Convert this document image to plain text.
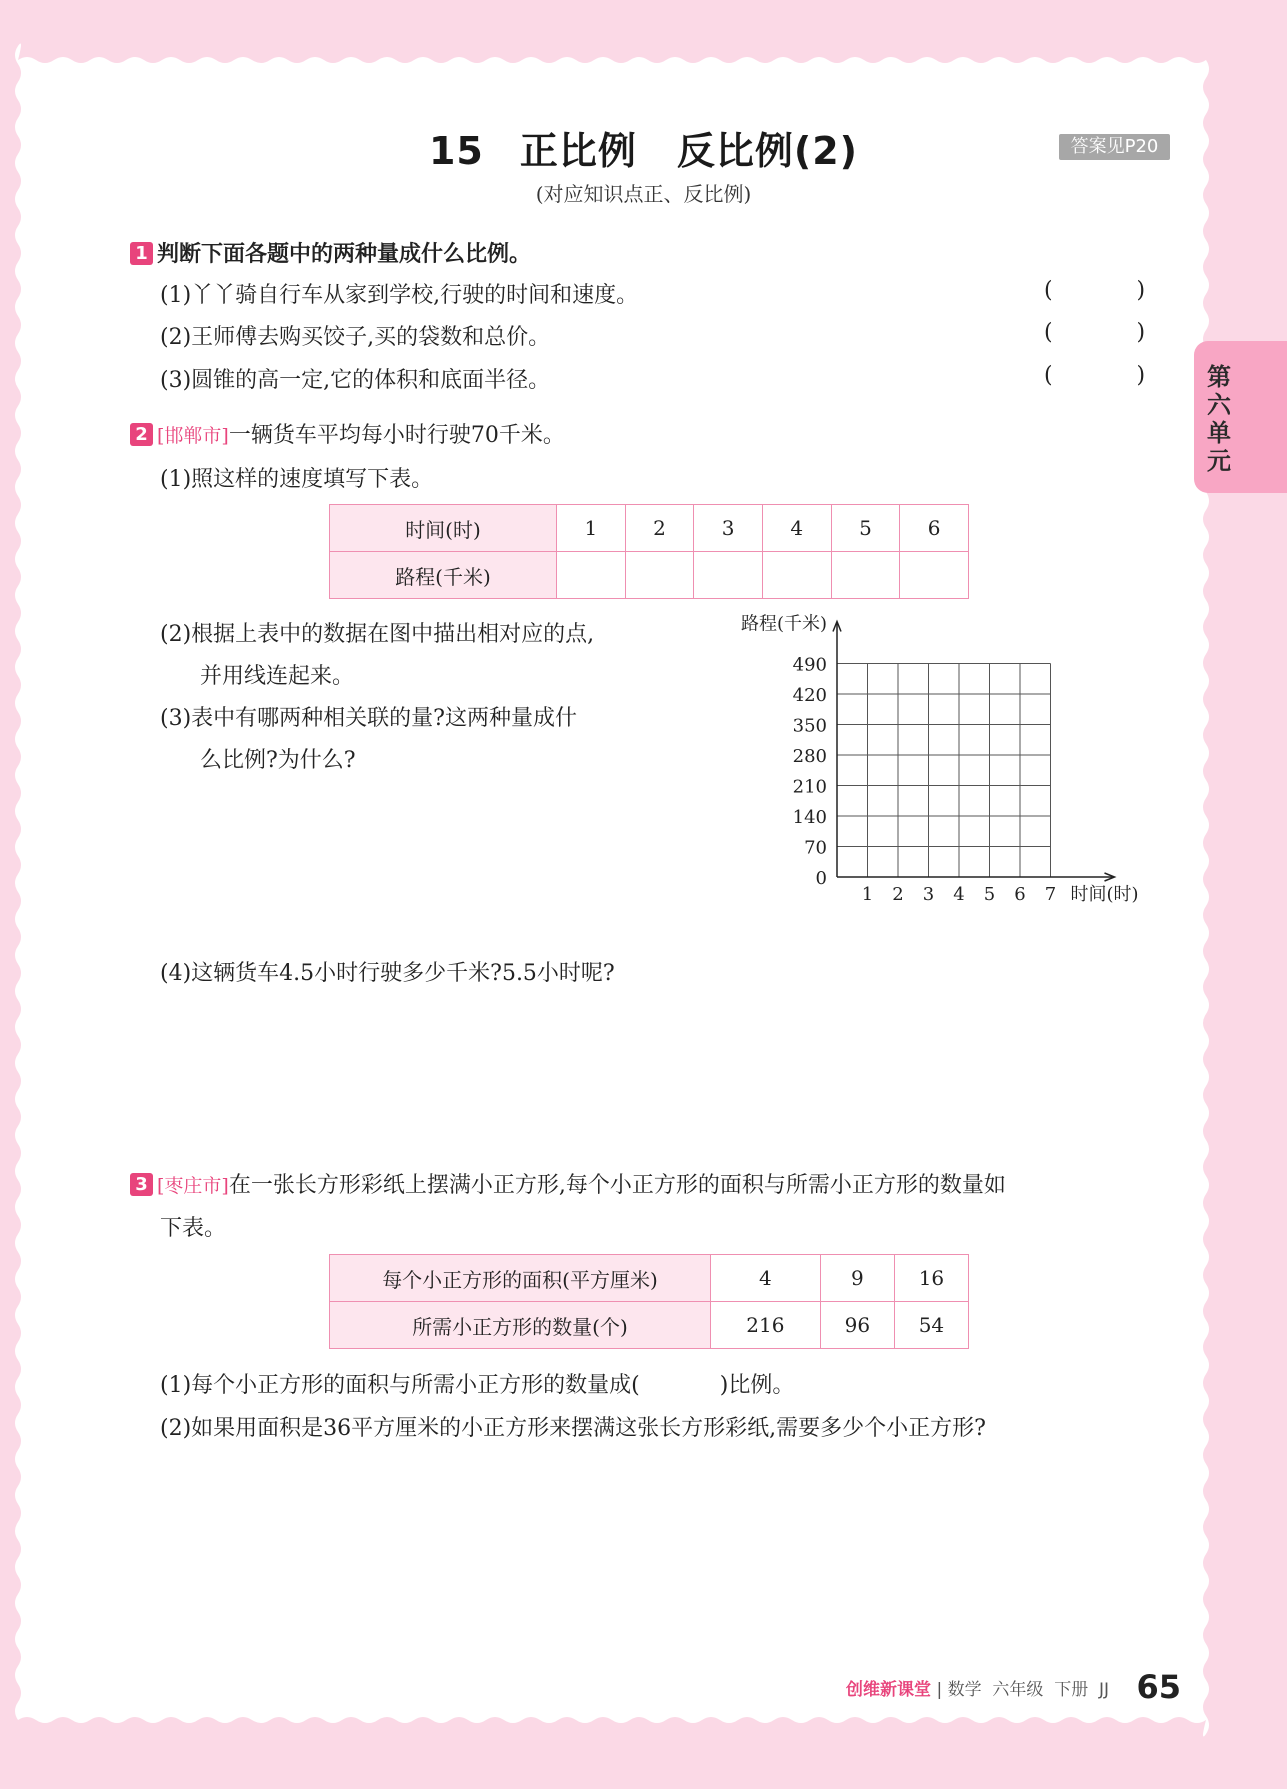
15 正比例 反比例(2)
(对应知识点正、反比例)
答案见P20
第六单元
1 判断下面各题中的两种量成什么比例。
(1)丫丫骑自行车从家到学校,行驶的时间和速度。
(2)王师傅去购买饺子,买的袋数和总价。
(3)圆锥的高一定,它的体积和底面半径。
(            )
(            )
(            )
2 [邯郸市]一辆货车平均每小时行驶70千米。
(1)照这样的速度填写下表。
时间(时)	1	2	3	4	5	6
路程(千米)						
(2)根据上表中的数据在图中描出相对应的点,
并用线连起来。
(3)表中有哪两种相关联的量?这两种量成什
么比例?为什么?
0
70
140
210
280
350
420
490
1 2 3 4 5 6 7
路程(千米)
时间(时)
(4)这辆货车4.5小时行驶多少千米?5.5小时呢?
3 [枣庄市]在一张长方形彩纸上摆满小正方形,每个小正方形的面积与所需小正方形的数量如
下表。
每个小正方形的面积(平方厘米)	4	9	16
所需小正方形的数量(个)	216	96	54
(1)每个小正方形的面积与所需小正方形的数量成(	)比例。
(2)如果用面积是36平方厘米的小正方形来摆满这张长方形彩纸,需要多少个小正方形?
创维新课堂 | 数学 六年级 下册 JJ 65
